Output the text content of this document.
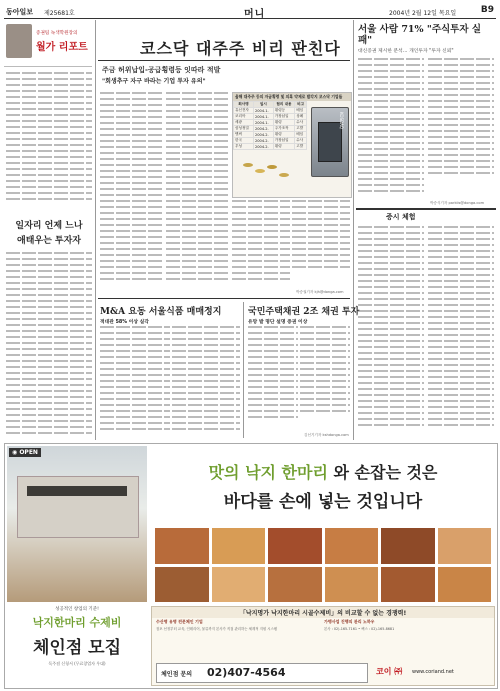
동아일보 제25681호	머니	2004년 2월 12일 목요일	B9
증권팀 녹색학원장의
월가 리포트
일자리 언제 느나
애태우는 투자자
코스닥 대주주 비리 판친다
주금 허위납입-공급횡령등 잇따라 적발
"회생추구 자구 바라는 기업 투자 유의"
올해 대주주 등의 자금횡령 및 의혹 약제로 발각지 코스닥 기업들
회사명	일시	혐의 내용	비고
유신전자	2004.1.	횡령등	배임
코리아	2004.1.	가장납입	상폐
세광	2004.1.	횡령	수사
삼성정밀	2004.2.	주가조작	고발
엔써	2004.2.	횡령	배임
한국	2004.2.	가장납입	수사
우성	2004.2.	횡령	고발
KOSDAQ
박증권기자 kjh@donga.com
서울 사람 71% "주식투자 실패"
대신증권 제시한 분석… 개인투자 "투자 신뢰"
박증식기자 parkiis@donga.com
증시 체험
M&A 요동 서울식품 매매정지
적대관 58% 이상 실각
국민주택채권 2조 채권 투자
유망 발 명단 설명 증권 이상
김선기기자 kshdonga.com
◉ OPEN
맛의 낙지 한마리 와 손잡는 것은
바다를 손에 넣는 것입니다
성공적인 창업의 기준!
낙지한마리 수제비
체인점 모집
독주점 신청서 (무료창업자 우대)
「낙지명가 낙지한마리 시골수제비」의 비교할 수 없는 경쟁력!
수산명 유명 전문체인 기업	가맹사업 진행의 관리 노하우
점포 선정부터 교육, 인테리어, 물류까지 본사가 직접 관리하는 체계적 지원 시스템	본사 : 02)-165-7161 • 팩스 : 02)-165-8681
체인점 문의 02)407-4564	코이 ㈜ www.coriand.net
